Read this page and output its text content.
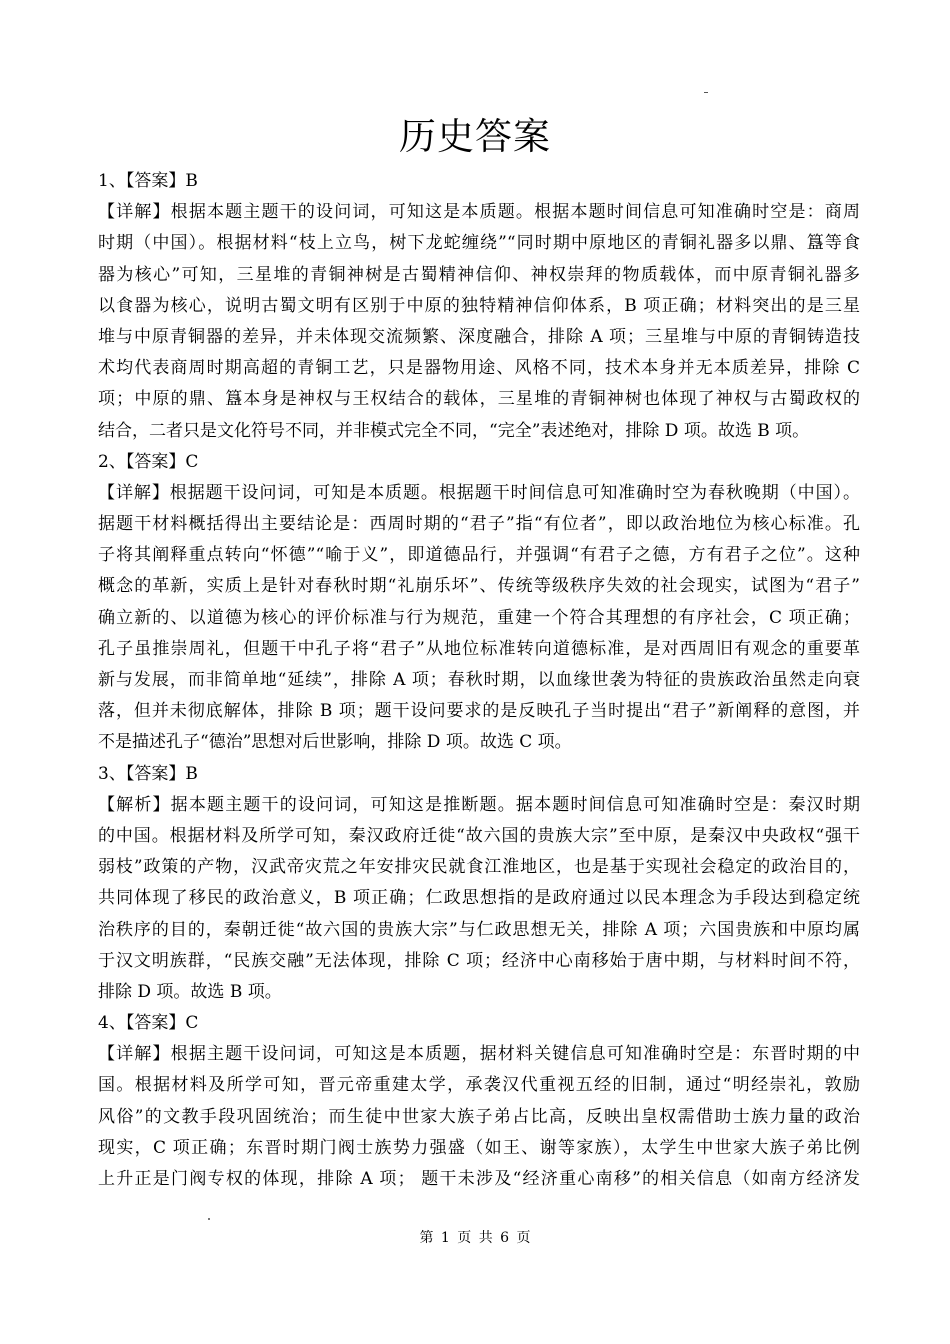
历史答案
1、【答案】B
【详解】根据本题主题干的设问词，可知这是本质题。根据本题时间信息可知准确时空是：商周
时期（中国）。根据材料“枝上立鸟，树下龙蛇缠绕”“同时期中原地区的青铜礼器多以鼎、簋等食
器为核心”可知，三星堆的青铜神树是古蜀精神信仰、神权崇拜的物质载体，而中原青铜礼器多
以食器为核心，说明古蜀文明有区别于中原的独特精神信仰体系，B 项正确；材料突出的是三星
堆与中原青铜器的差异，并未体现交流频繁、深度融合，排除 A 项；三星堆与中原的青铜铸造技
术均代表商周时期高超的青铜工艺，只是器物用途、风格不同，技术本身并无本质差异，排除 C
项；中原的鼎、簋本身是神权与王权结合的载体，三星堆的青铜神树也体现了神权与古蜀政权的
结合，二者只是文化符号不同，并非模式完全不同，“完全”表述绝对，排除 D 项。故选 B 项。
2、【答案】C
【详解】根据题干设问词，可知是本质题。根据题干时间信息可知准确时空为春秋晚期（中国）。
据题干材料概括得出主要结论是：西周时期的“君子”指“有位者”，即以政治地位为核心标准。孔
子将其阐释重点转向“怀德”“喻于义”，即道德品行，并强调“有君子之德，方有君子之位”。这种
概念的革新，实质上是针对春秋时期“礼崩乐坏”、传统等级秩序失效的社会现实，试图为“君子”
确立新的、以道德为核心的评价标准与行为规范，重建一个符合其理想的有序社会，C 项正确；
孔子虽推崇周礼，但题干中孔子将“君子”从地位标准转向道德标准，是对西周旧有观念的重要革
新与发展，而非简单地“延续”，排除 A 项；春秋时期，以血缘世袭为特征的贵族政治虽然走向衰
落，但并未彻底解体，排除 B 项；题干设问要求的是反映孔子当时提出“君子”新阐释的意图，并
不是描述孔子“德治”思想对后世影响，排除 D 项。故选 C 项。
3、【答案】B
【解析】据本题主题干的设问词，可知这是推断题。据本题时间信息可知准确时空是：秦汉时期
的中国。根据材料及所学可知，秦汉政府迁徙“故六国的贵族大宗”至中原，是秦汉中央政权“强干
弱枝”政策的产物，汉武帝灾荒之年安排灾民就食江淮地区，也是基于实现社会稳定的政治目的，
共同体现了移民的政治意义，B 项正确；仁政思想指的是政府通过以民本理念为手段达到稳定统
治秩序的目的，秦朝迁徙“故六国的贵族大宗”与仁政思想无关，排除 A 项；六国贵族和中原均属
于汉文明族群，“民族交融”无法体现，排除 C 项；经济中心南移始于唐中期，与材料时间不符，
排除 D 项。故选 B 项。
4、【答案】C
【详解】根据主题干设问词，可知这是本质题，据材料关键信息可知准确时空是：东晋时期的中
国。根据材料及所学可知，晋元帝重建太学，承袭汉代重视五经的旧制，通过“明经崇礼，敦励
风俗”的文教手段巩固统治；而生徒中世家大族子弟占比高，反映出皇权需借助士族力量的政治
现实，C 项正确；东晋时期门阀士族势力强盛（如王、谢等家族），太学生中世家大族子弟比例
上升正是门阀专权的体现，排除 A 项； 题干未涉及“经济重心南移”的相关信息（如南方经济发
第 1 页 共 6 页
